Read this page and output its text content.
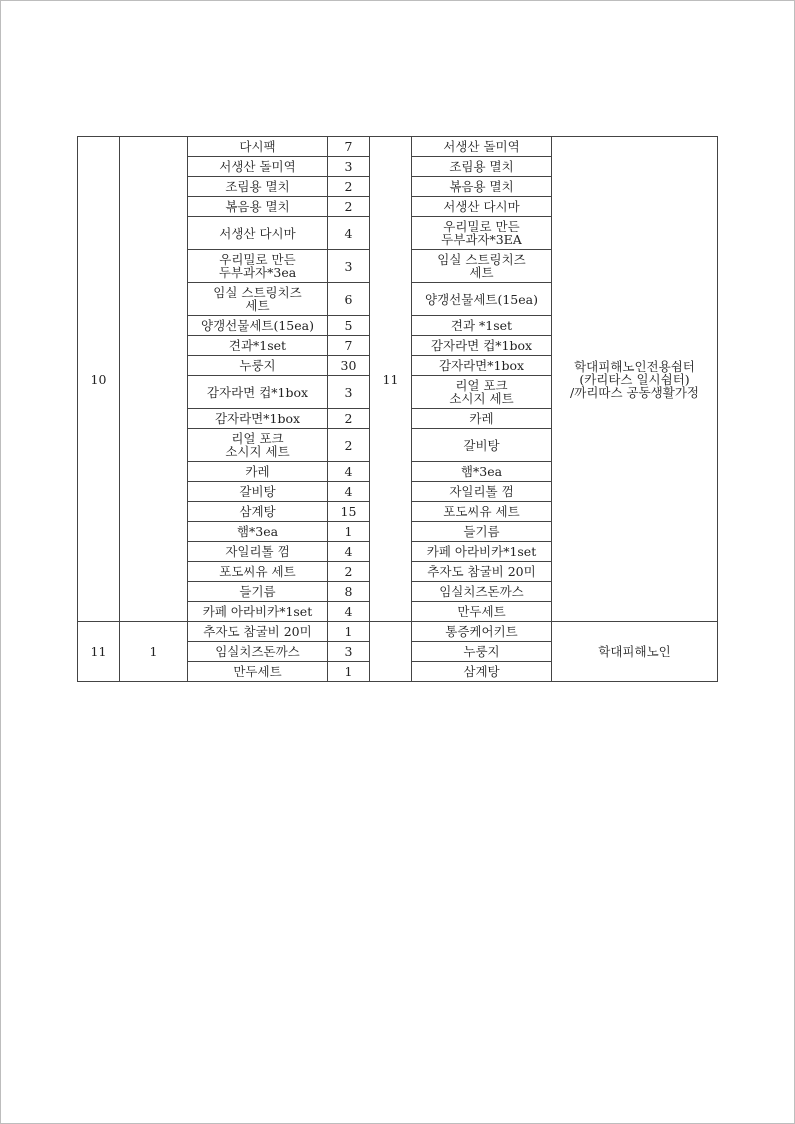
10		다시팩	7	11	서생산 돌미역	학대피해노인전용쉼터
(카리타스 일시쉼터)
/까리따스 공동생활가정
		서생산 돌미역	3		조림용 멸치	
		조림용 멸치	2		볶음용 멸치	
		볶음용 멸치	2		서생산 다시마	
		서생산 다시마	4		우리밀로 만든
두부과자*3EA	
		우리밀로 만든
두부과자*3ea	3		임실 스트링치즈
세트	
		임실 스트링치즈
세트	6		양갱선물세트(15ea)	
		양갱선물세트(15ea)	5		견과 *1set	
		견과*1set	7		감자라면 컵*1box	
		누룽지	30		감자라면*1box	
		감자라면 컵*1box	3		리얼 포크
소시지 세트	
		감자라면*1box	2		카레	
		리얼 포크
소시지 세트	2		갈비탕	
		카레	4		햄*3ea	
		갈비탕	4		자일리톨 껌	
		삼계탕	15		포도씨유 세트	
		햄*3ea	1		들기름	
		자일리톨 껌	4		카페 아라비카*1set	
		포도씨유 세트	2		추자도 참굴비 20미	
		들기름	8		임실치즈돈까스	
		카페 아라비카*1set	4		만두세트	
11	1	추자도 참굴비 20미	1		통증케어키트	학대피해노인
		임실치즈돈까스	3		누룽지	
		만두세트	1		삼계탕	
